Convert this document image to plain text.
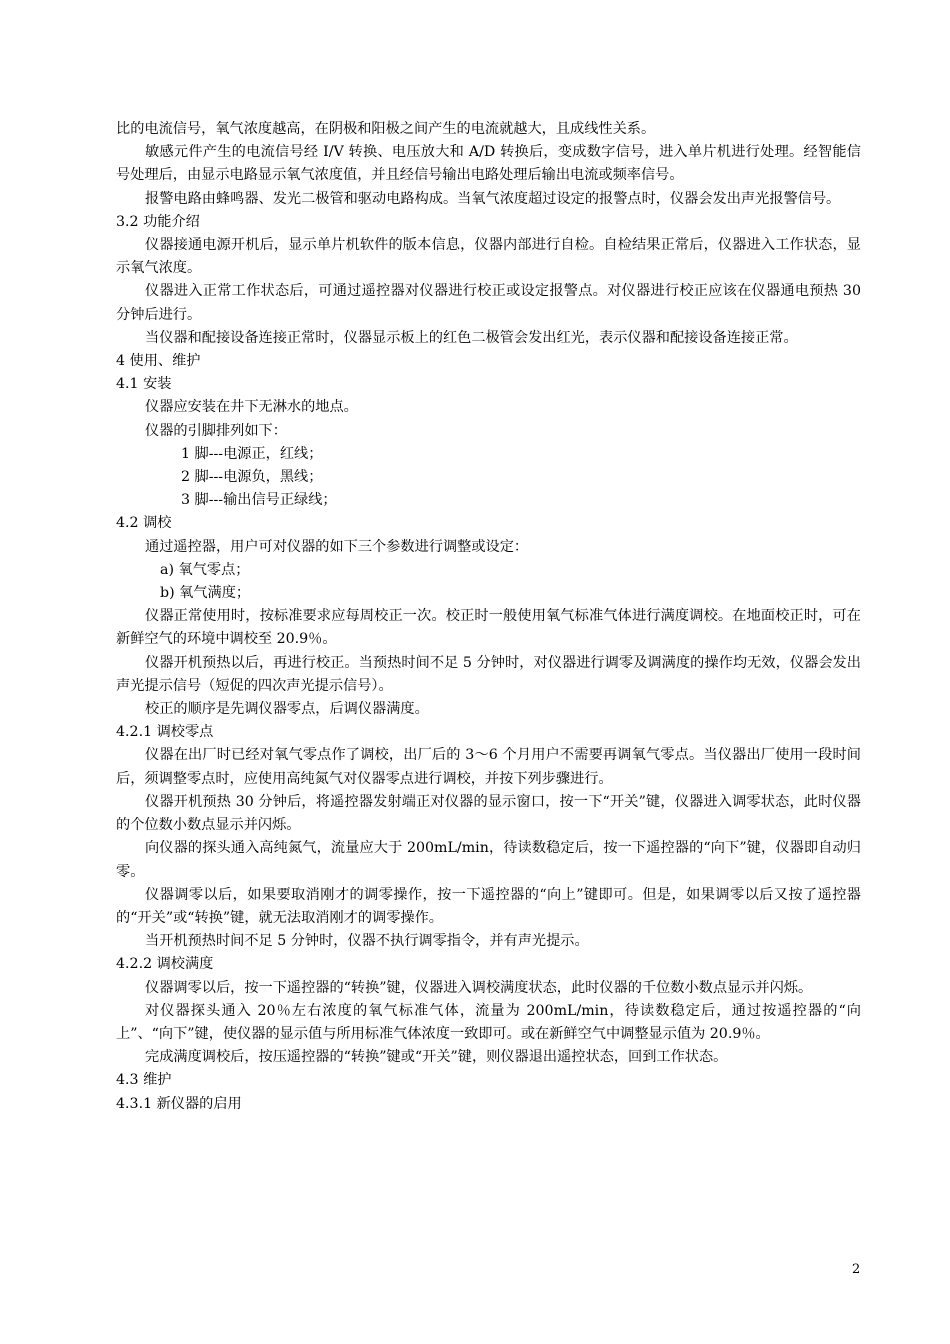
比的电流信号，氧气浓度越高，在阴极和阳极之间产生的电流就越大，且成线性关系。

敏感元件产生的电流信号经 I/V 转换、电压放大和 A/D 转换后，变成数字信号，进入单片机进行处理。经智能信号处理后，由显示电路显示氧气浓度值，并且经信号输出电路处理后输出电流或频率信号。

报警电路由蜂鸣器、发光二极管和驱动电路构成。当氧气浓度超过设定的报警点时，仪器会发出声光报警信号。

3.2 功能介绍

仪器接通电源开机后，显示单片机软件的版本信息，仪器内部进行自检。自检结果正常后，仪器进入工作状态，显示氧气浓度。

仪器进入正常工作状态后，可通过遥控器对仪器进行校正或设定报警点。对仪器进行校正应该在仪器通电预热 30 分钟后进行。

当仪器和配接设备连接正常时，仪器显示板上的红色二极管会发出红光，表示仪器和配接设备连接正常。

4 使用、维护

4.1 安装

仪器应安装在井下无淋水的地点。

仪器的引脚排列如下：

1 脚---电源正，红线；

2 脚---电源负，黑线；

3 脚---输出信号正绿线；

4.2 调校

通过遥控器，用户可对仪器的如下三个参数进行调整或设定：

a) 氧气零点；

b) 氧气满度；

仪器正常使用时，按标准要求应每周校正一次。校正时一般使用氧气标准气体进行满度调校。在地面校正时，可在新鲜空气的环境中调校至 20.9％。

仪器开机预热以后，再进行校正。当预热时间不足 5 分钟时，对仪器进行调零及调满度的操作均无效，仪器会发出声光提示信号（短促的四次声光提示信号）。

校正的顺序是先调仪器零点，后调仪器满度。

4.2.1 调校零点

仪器在出厂时已经对氧气零点作了调校，出厂后的 3～6 个月用户不需要再调氧气零点。当仪器出厂使用一段时间后，须调整零点时，应使用高纯氮气对仪器零点进行调校，并按下列步骤进行。

仪器开机预热 30 分钟后，将遥控器发射端正对仪器的显示窗口，按一下“开关”键，仪器进入调零状态，此时仪器的个位数小数点显示并闪烁。

向仪器的探头通入高纯氮气，流量应大于 200mL/min，待读数稳定后，按一下遥控器的“向下”键，仪器即自动归零。

仪器调零以后，如果要取消刚才的调零操作，按一下遥控器的“向上”键即可。但是，如果调零以后又按了遥控器的“开关”或“转换”键，就无法取消刚才的调零操作。

当开机预热时间不足 5 分钟时，仪器不执行调零指令，并有声光提示。

4.2.2 调校满度

仪器调零以后，按一下遥控器的“转换”键，仪器进入调校满度状态，此时仪器的千位数小数点显示并闪烁。

对仪器探头通入 20％左右浓度的氧气标准气体，流量为 200mL/min，待读数稳定后，通过按遥控器的“向上”、“向下”键，使仪器的显示值与所用标准气体浓度一致即可。或在新鲜空气中调整显示值为 20.9％。

完成满度调校后，按压遥控器的“转换”键或“开关”键，则仪器退出遥控状态，回到工作状态。

4.3 维护

4.3.1 新仪器的启用

2
